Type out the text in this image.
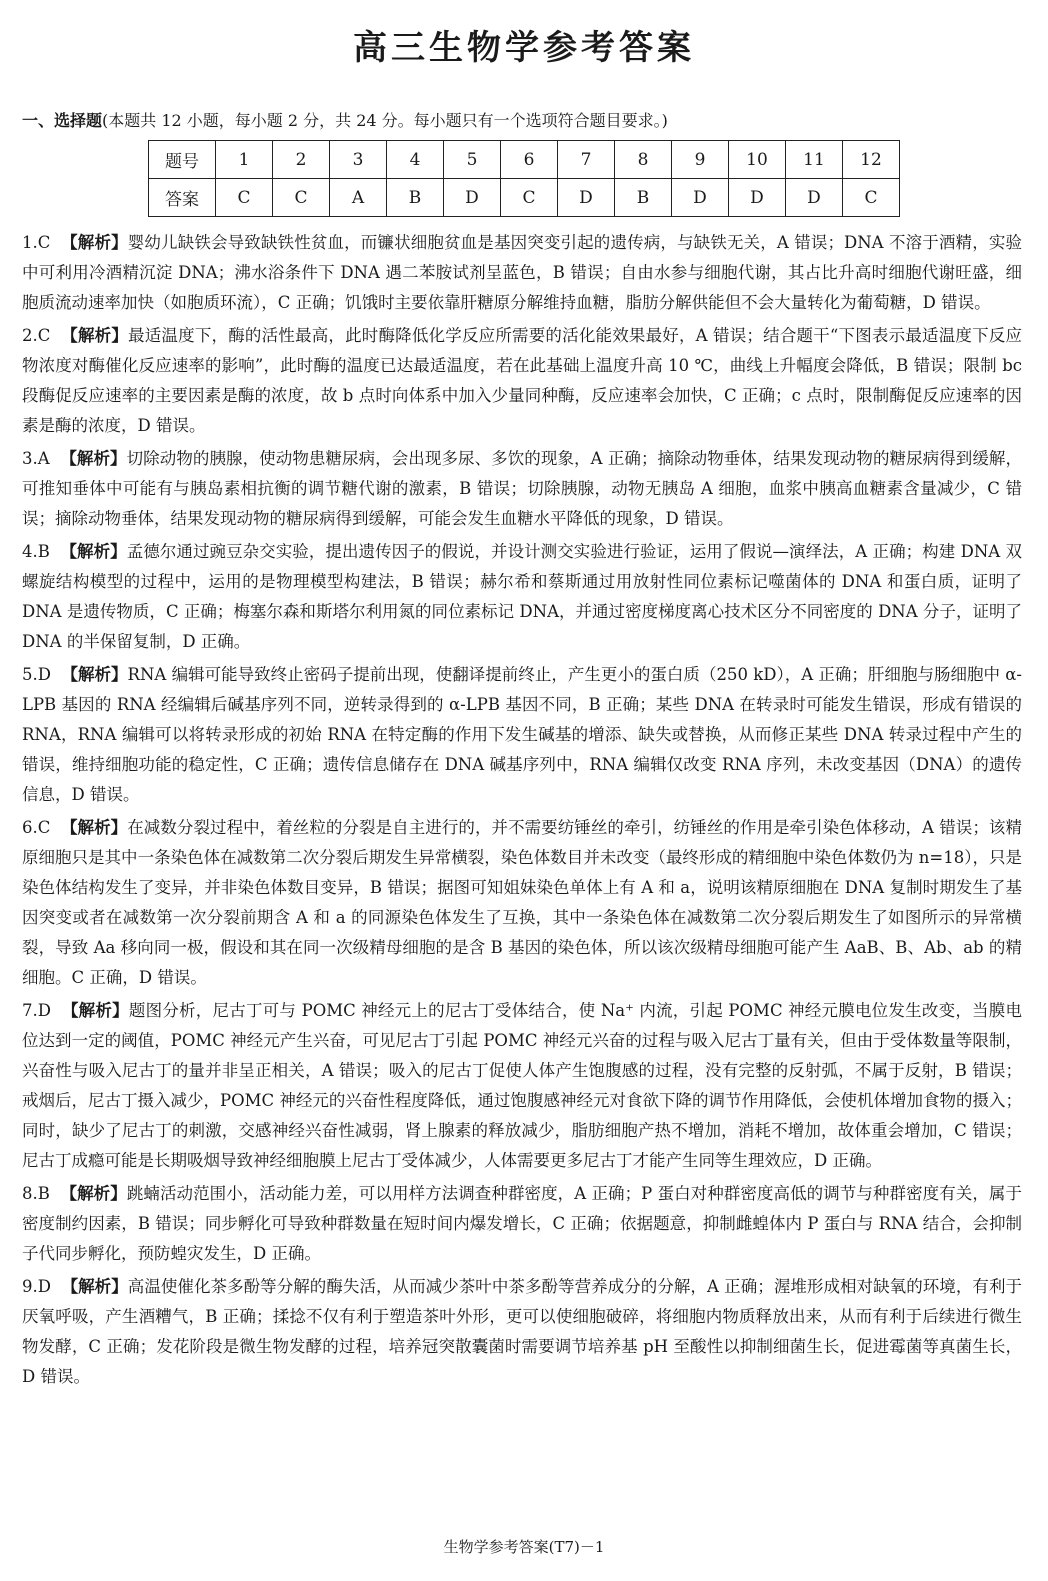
高三生物学参考答案
一、选择题(本题共 12 小题，每小题 2 分，共 24 分。每小题只有一个选项符合题目要求。)
题号	1	2	3	4	5	6	7	8	9	10	11	12
答案	C	C	A	B	D	C	D	B	D	D	D	C
1.C 【解析】婴幼儿缺铁会导致缺铁性贫血，而镰状细胞贫血是基因突变引起的遗传病，与缺铁无关，A 错误；DNA 不溶于酒精，实验中可利用冷酒精沉淀 DNA；沸水浴条件下 DNA 遇二苯胺试剂呈蓝色，B 错误；自由水参与细胞代谢，其占比升高时细胞代谢旺盛，细胞质流动速率加快（如胞质环流），C 正确；饥饿时主要依靠肝糖原分解维持血糖，脂肪分解供能但不会大量转化为葡萄糖，D 错误。
2.C 【解析】最适温度下，酶的活性最高，此时酶降低化学反应所需要的活化能效果最好，A 错误；结合题干“下图表示最适温度下反应物浓度对酶催化反应速率的影响”，此时酶的温度已达最适温度，若在此基础上温度升高 10 ℃，曲线上升幅度会降低，B 错误；限制 bc 段酶促反应速率的主要因素是酶的浓度，故 b 点时向体系中加入少量同种酶，反应速率会加快，C 正确；c 点时，限制酶促反应速率的因素是酶的浓度，D 错误。
3.A 【解析】切除动物的胰腺，使动物患糖尿病，会出现多尿、多饮的现象，A 正确；摘除动物垂体，结果发现动物的糖尿病得到缓解，可推知垂体中可能有与胰岛素相抗衡的调节糖代谢的激素，B 错误；切除胰腺，动物无胰岛 A 细胞，血浆中胰高血糖素含量减少，C 错误；摘除动物垂体，结果发现动物的糖尿病得到缓解，可能会发生血糖水平降低的现象，D 错误。
4.B 【解析】孟德尔通过豌豆杂交实验，提出遗传因子的假说，并设计测交实验进行验证，运用了假说—演绎法，A 正确；构建 DNA 双螺旋结构模型的过程中，运用的是物理模型构建法，B 错误；赫尔希和蔡斯通过用放射性同位素标记噬菌体的 DNA 和蛋白质，证明了 DNA 是遗传物质，C 正确；梅塞尔森和斯塔尔利用氮的同位素标记 DNA，并通过密度梯度离心技术区分不同密度的 DNA 分子，证明了 DNA 的半保留复制，D 正确。
5.D 【解析】RNA 编辑可能导致终止密码子提前出现，使翻译提前终止，产生更小的蛋白质（250 kD），A 正确；肝细胞与肠细胞中 α-LPB 基因的 RNA 经编辑后碱基序列不同，逆转录得到的 α-LPB 基因不同，B 正确；某些 DNA 在转录时可能发生错误，形成有错误的 RNA，RNA 编辑可以将转录形成的初始 RNA 在特定酶的作用下发生碱基的增添、缺失或替换，从而修正某些 DNA 转录过程中产生的错误，维持细胞功能的稳定性，C 正确；遗传信息储存在 DNA 碱基序列中，RNA 编辑仅改变 RNA 序列，未改变基因（DNA）的遗传信息，D 错误。
6.C 【解析】在减数分裂过程中，着丝粒的分裂是自主进行的，并不需要纺锤丝的牵引，纺锤丝的作用是牵引染色体移动，A 错误；该精原细胞只是其中一条染色体在减数第二次分裂后期发生异常横裂，染色体数目并未改变（最终形成的精细胞中染色体数仍为 n=18），只是染色体结构发生了变异，并非染色体数目变异，B 错误；据图可知姐妹染色单体上有 A 和 a，说明该精原细胞在 DNA 复制时期发生了基因突变或者在减数第一次分裂前期含 A 和 a 的同源染色体发生了互换，其中一条染色体在减数第二次分裂后期发生了如图所示的异常横裂，导致 Aa 移向同一极，假设和其在同一次级精母细胞的是含 B 基因的染色体，所以该次级精母细胞可能产生 AaB、B、Ab、ab 的精细胞。C 正确，D 错误。
7.D 【解析】题图分析，尼古丁可与 POMC 神经元上的尼古丁受体结合，使 Na⁺ 内流，引起 POMC 神经元膜电位发生改变，当膜电位达到一定的阈值，POMC 神经元产生兴奋，可见尼古丁引起 POMC 神经元兴奋的过程与吸入尼古丁量有关，但由于受体数量等限制，兴奋性与吸入尼古丁的量并非呈正相关，A 错误；吸入的尼古丁促使人体产生饱腹感的过程，没有完整的反射弧，不属于反射，B 错误；戒烟后，尼古丁摄入减少，POMC 神经元的兴奋性程度降低，通过饱腹感神经元对食欲下降的调节作用降低，会使机体增加食物的摄入；同时，缺少了尼古丁的刺激，交感神经兴奋性减弱，肾上腺素的释放减少，脂肪细胞产热不增加，消耗不增加，故体重会增加，C 错误；尼古丁成瘾可能是长期吸烟导致神经细胞膜上尼古丁受体减少，人体需要更多尼古丁才能产生同等生理效应，D 正确。
8.B 【解析】跳蝻活动范围小，活动能力差，可以用样方法调查种群密度，A 正确；P 蛋白对种群密度高低的调节与种群密度有关，属于密度制约因素，B 错误；同步孵化可导致种群数量在短时间内爆发增长，C 正确；依据题意，抑制雌蝗体内 P 蛋白与 RNA 结合，会抑制子代同步孵化，预防蝗灾发生，D 正确。
9.D 【解析】高温使催化茶多酚等分解的酶失活，从而减少茶叶中茶多酚等营养成分的分解，A 正确；渥堆形成相对缺氧的环境，有利于厌氧呼吸，产生酒糟气，B 正确；揉捻不仅有利于塑造茶叶外形，更可以使细胞破碎，将细胞内物质释放出来，从而有利于后续进行微生物发酵，C 正确；发花阶段是微生物发酵的过程，培养冠突散囊菌时需要调节培养基 pH 至酸性以抑制细菌生长，促进霉菌等真菌生长，D 错误。
生物学参考答案(T7)－1
